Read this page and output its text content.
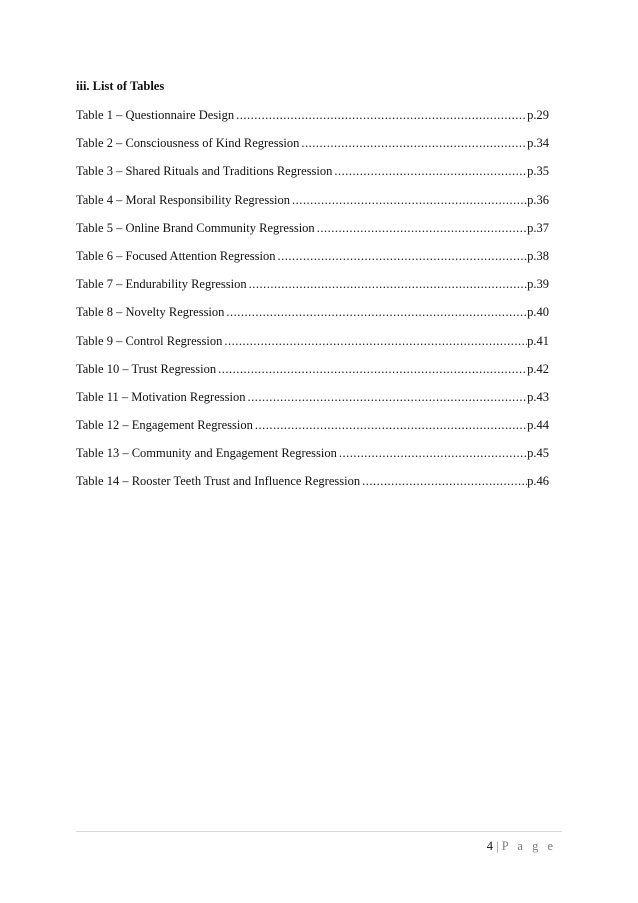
iii. List of Tables
Table 1 – Questionnaire Design .....	p.29
Table 2 – Consciousness of Kind Regression .....	p.34
Table 3 – Shared Rituals and Traditions Regression .....	p.35
Table 4 – Moral Responsibility Regression .....	p.36
Table 5 – Online Brand Community Regression .....	p.37
Table 6 – Focused Attention Regression .....	p.38
Table 7 – Endurability Regression .....	p.39
Table 8 – Novelty Regression .....	p.40
Table 9 – Control Regression .....	p.41
Table 10 – Trust Regression .....	p.42
Table 11 – Motivation Regression .....	p.43
Table 12 – Engagement Regression .....	p.44
Table 13 – Community and Engagement Regression .....	p.45
Table 14 – Rooster Teeth Trust and Influence Regression .....	p.46
4 | P a g e
